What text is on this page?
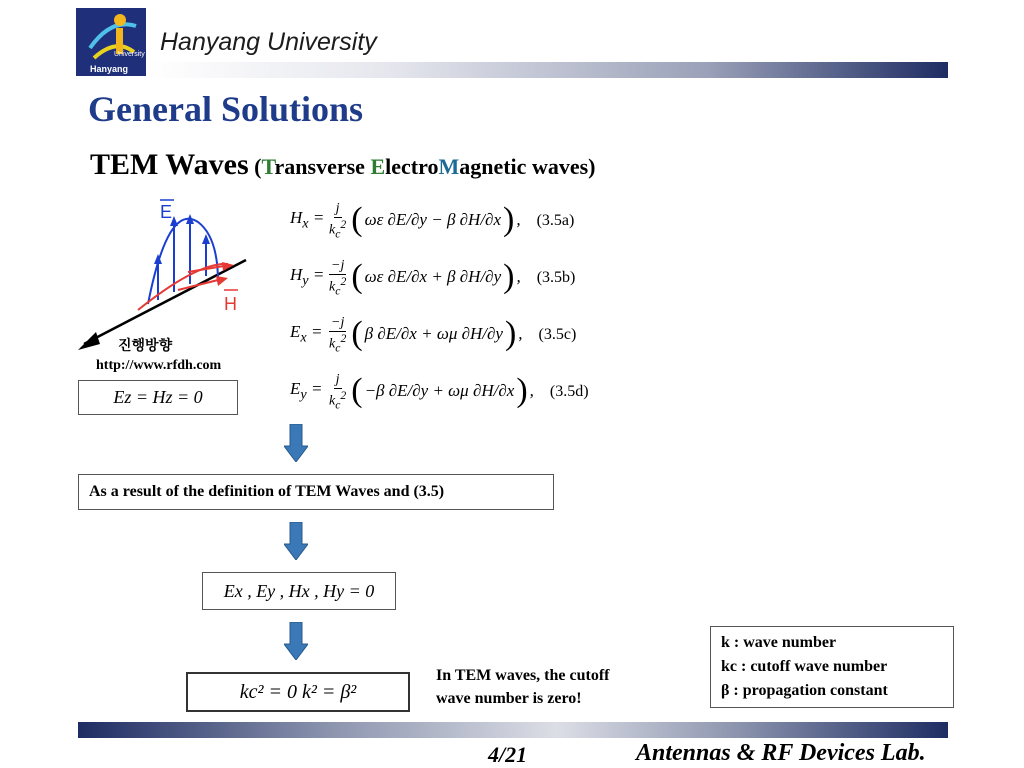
University
Hanyang
Hanyang University
General Solutions
TEM Waves (Transverse ElectroMagnetic waves)
E
H
진행방향
http://www.rfdh.com
Ez = Hz = 0
$H_x = \frac{j}{k_c^2}$ ( ωε ∂E/∂y − β ∂H/∂x ) , (3.5a)
$H_y = \frac{-j}{k_c^2}$ ( ωε ∂E/∂x + β ∂H/∂y ) , (3.5b)
$E_x = \frac{-j}{k_c^2}$ ( β ∂E/∂x + ωμ ∂H/∂y ) , (3.5c)
$E_y = \frac{j}{k_c^2}$ ( −β ∂E/∂y + ωμ ∂H/∂x ) , (3.5d)
As a result of the definition of TEM Waves and (3.5)
Ex , Ey , Hx , Hy = 0
kc² = 0 k² = β²
In TEM waves, the cutoff
wave number is zero!
k : wave number
kc : cutoff wave number
β : propagation constant
4/21	Antennas & RF Devices Lab.
